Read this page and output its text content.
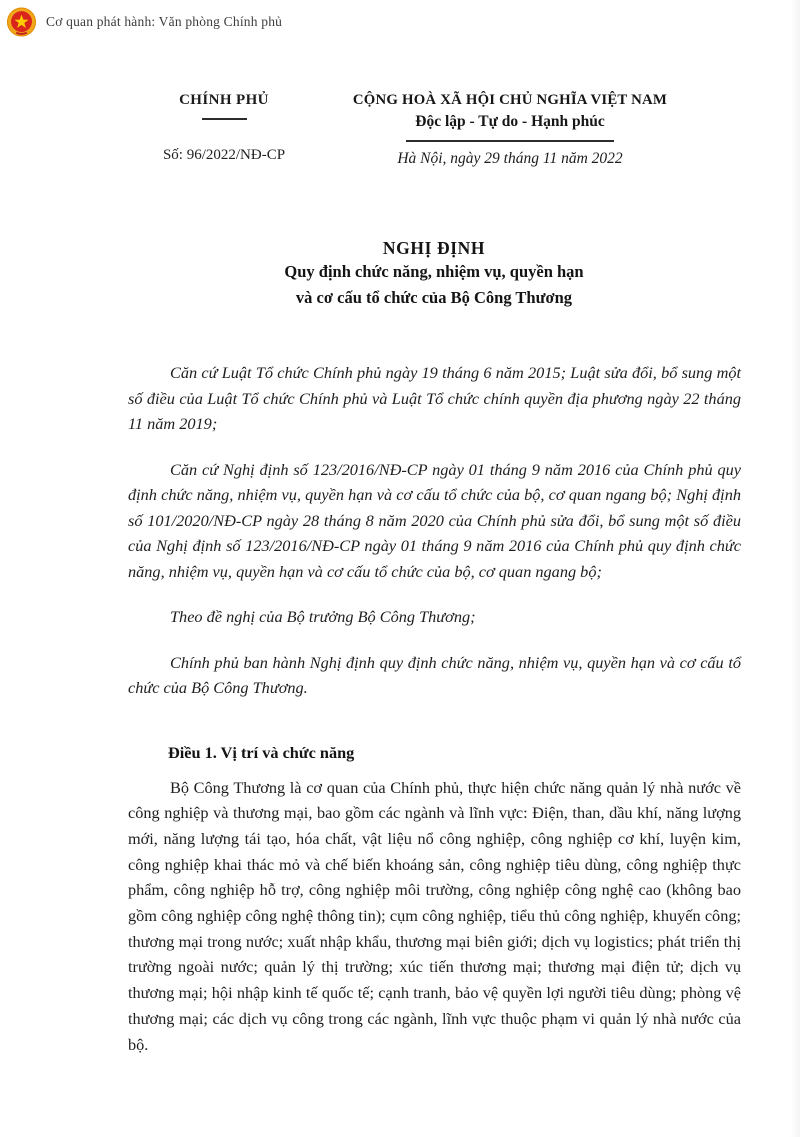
Cơ quan phát hành: Văn phòng Chính phủ
CHÍNH PHỦ
Số: 96/2022/NĐ-CP
CỘNG HOÀ XÃ HỘI CHỦ NGHĨA VIỆT NAM
Độc lập - Tự do - Hạnh phúc
Hà Nội, ngày 29 tháng 11 năm 2022
NGHỊ ĐỊNH
Quy định chức năng, nhiệm vụ, quyền hạn
và cơ cấu tổ chức của Bộ Công Thương

Căn cứ Luật Tổ chức Chính phủ ngày 19 tháng 6 năm 2015; Luật sửa đổi, bổ sung một số điều của Luật Tổ chức Chính phủ và Luật Tổ chức chính quyền địa phương ngày 22 tháng 11 năm 2019;

Căn cứ Nghị định số 123/2016/NĐ-CP ngày 01 tháng 9 năm 2016 của Chính phủ quy định chức năng, nhiệm vụ, quyền hạn và cơ cấu tổ chức của bộ, cơ quan ngang bộ; Nghị định số 101/2020/NĐ-CP ngày 28 tháng 8 năm 2020 của Chính phủ sửa đổi, bổ sung một số điều của Nghị định số 123/2016/NĐ-CP ngày 01 tháng 9 năm 2016 của Chính phủ quy định chức năng, nhiệm vụ, quyền hạn và cơ cấu tổ chức của bộ, cơ quan ngang bộ;

Theo đề nghị của Bộ trưởng Bộ Công Thương;

Chính phủ ban hành Nghị định quy định chức năng, nhiệm vụ, quyền hạn và cơ cấu tổ chức của Bộ Công Thương.

Điều 1. Vị trí và chức năng

Bộ Công Thương là cơ quan của Chính phủ, thực hiện chức năng quản lý nhà nước về công nghiệp và thương mại, bao gồm các ngành và lĩnh vực: Điện, than, dầu khí, năng lượng mới, năng lượng tái tạo, hóa chất, vật liệu nổ công nghiệp, công nghiệp cơ khí, luyện kim, công nghiệp khai thác mỏ và chế biến khoáng sản, công nghiệp tiêu dùng, công nghiệp thực phẩm, công nghiệp hỗ trợ, công nghiệp môi trường, công nghiệp công nghệ cao (không bao gồm công nghiệp công nghệ thông tin); cụm công nghiệp, tiểu thủ công nghiệp, khuyến công; thương mại trong nước; xuất nhập khẩu, thương mại biên giới; dịch vụ logistics; phát triển thị trường ngoài nước; quản lý thị trường; xúc tiến thương mại; thương mại điện tử; dịch vụ thương mại; hội nhập kinh tế quốc tế; cạnh tranh, bảo vệ quyền lợi người tiêu dùng; phòng vệ thương mại; các dịch vụ công trong các ngành, lĩnh vực thuộc phạm vi quản lý nhà nước của bộ.
